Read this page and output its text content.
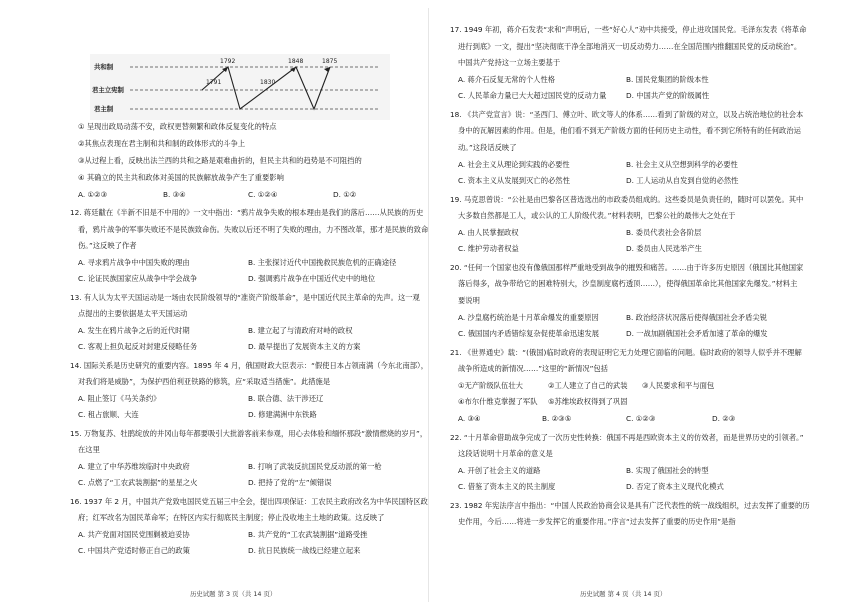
共和制
君主立宪制
君主制
1792
1791	1830
1848	1875
① 呈现出政局动荡不安，政权更替频繁和政体反复变化的特点
②其焦点表现在君主制和共和制的政体形式的斗争上
③从过程上看，反映出法兰西的共和之路是艰难曲折的，但民主共和的趋势是不可阻挡的
④ 其确立的民主共和政体对美国的民族解放战争产生了重要影响
A. ①②③	B. ③④	C. ①②④	D. ①②
12. 蒋廷黻在《半新不旧是不中用的》一文中指出：“鸦片战争失败的根本理由是我们的落后……从民族的历史
看，鸦片战争的军事失败还不是民族致命伤。失败以后还不明了失败的理由，力不图改革，那才是民族的致命
伤。”这反映了作者
A. 寻求鸦片战争中中国失败的理由	B. 主张探讨近代中国挽救民族危机的正确途径
C. 论证民族国家应从战争中学会战争	D. 强调鸦片战争在中国近代史中的地位
13. 有人认为太平天国运动是一场由农民阶级领导的“准资产阶级革命”，是中国近代民主革命的先声。这一观
点提出的主要依据是太平天国运动
A. 发生在鸦片战争之后的近代时期	B. 建立起了与清政府对峙的政权
C. 客观上担负起反对封建反侵略任务	D. 最早提出了发展资本主义的方案
14. 国际关系是历史研究的重要内容。1895 年 4 月，俄国财政大臣表示：“假使日本占领南满（今东北南部），
对我们将是威胁”，为保护西伯利亚铁路的修筑，应“采取适当措施”。此措施是
A. 阻止签订《马关条约》	B. 联合德、法干涉还辽
C. 租占旅顺、大连	D. 修建满洲中东铁路
15. 万物复苏、牡鹃绽放的井冈山每年都要吸引大批游客前来参观，用心去体验和缅怀那段“激情燃烧的岁月”，
在这里
A. 建立了中华苏维埃临时中央政府	B. 打响了武装反抗国民党反动派的第一枪
C. 点燃了“工农武装割据”的星星之火	D. 把持了党的“左”倾错误
16. 1937 年 2 月，中国共产党致电国民党五届三中全会，提出四项保证：工农民主政府改名为中华民国特区政
府；红军改名为国民革命军；在特区内实行彻底民主制度；停止没收地主土地的政策。这反映了
A. 共产党面对国民党围剿被迫妥协	B. 共产党的“工农武装割据”道路受挫
C. 中国共产党适时修正自己的政策	D. 抗日民族统一战线已经建立起来
历史试题 第 3 页（共 14 页）
17. 1949 年初，蒋介石发表“求和”声明后，一些“好心人”劝中共接受，停止进攻国民党。毛泽东发表《将革命
进行到底》一文，提出“坚决彻底干净全部地消灭一切反动势力……在全国范围内推翻国民党的反动统治”。
中国共产党持这一立场主要基于
A. 蒋介石反复无常的个人性格	B. 国民党集团的阶级本性
C. 人民革命力量已大大超过国民党的反动力量	D. 中国共产党的阶级属性
18. 《共产党宣言》说：“圣西门、傅立叶、欧文等人的体系……看到了阶级的对立，以及占统治地位的社会本
身中的瓦解因素的作用。但是，他们看不到无产阶级方面的任何历史主动性，看不到它所特有的任何政治运
动。”这段话反映了
A. 社会主义从理论到实践的必要性	B. 社会主义从空想到科学的必要性
C. 资本主义从发展到灭亡的必然性	D. 工人运动从自发到自觉的必然性
19. 马克思曾说：“公社是由巴黎各区普选选出的市政委员组成的。这些委员是负责任的，随时可以罢免。其中
大多数自然都是工人，或公认的工人阶级代表。”材料表明，巴黎公社的最伟大之处在于
A. 由人民掌握政权	B. 委员代表社会各阶层
C. 维护劳动者权益	D. 委员由人民选举产生
20. “任何一个国家也没有像俄国那样严重地受到战争的摧毁和痛苦。……由于许多历史原因（俄国比其他国家
落后得多，战争带给它的困难特别大，沙皇制度腐朽透顶……），使得俄国革命比其他国家先爆发。”材料主
要说明
A. 沙皇腐朽统治是十月革命爆发的重要原因	B. 政治经济状况落后使得俄国社会矛盾尖锐
C. 俄国国内矛盾错综复杂促使革命迅速发展	D. 一战加剧俄国社会矛盾加速了革命的爆发
21. 《世界通史》载：“(俄国)临时政府的表现证明它无力处理它面临的问题。临时政府的领导人似乎并不理解
战争所造成的新情况……”这里的“新情况”包括
①无产阶级队伍壮大	②工人建立了自己的武装 ③人民要求和平与面包
④布尔什维克掌握了军队 ⑤苏维埃政权得到了巩固
A. ③④	B. ②③⑤	C. ①②③	D. ②③
22. “十月革命借助战争完成了一次历史性转换：俄国不再是西欧资本主义的仿效者，而是世界历史的引领者。”
这段话说明十月革命的意义是
A. 开创了社会主义的道路	B. 实现了俄国社会的转型
C. 借鉴了资本主义的民主制度	D. 否定了资本主义现代化模式
23. 1982 年宪法序言中指出：“中国人民政治协商会议是具有广泛代表性的统一战线组织，过去发挥了重要的历
史作用，今后……将进一步发挥它的重要作用。”序言“过去发挥了重要的历史作用”是指
历史试题 第 4 页（共 14 页）
